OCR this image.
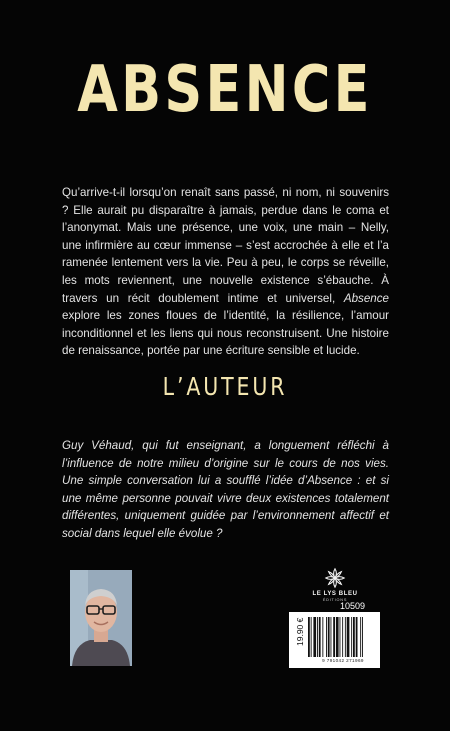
ABSENCE

Qu’arrive-t-il lorsqu’on renaît sans passé, ni nom, ni souvenirs ? Elle aurait pu disparaître à jamais, perdue dans le coma et l’anonymat. Mais une présence, une voix, une main – Nelly, une infirmière au cœur immense – s’est accrochée à elle et l’a ramenée lentement vers la vie. Peu à peu, le corps se réveille, les mots reviennent, une nouvelle existence s’ébauche. À travers un récit doublement intime et universel, Absence explore les zones floues de l’identité, la résilience, l’amour inconditionnel et les liens qui nous reconstruisent. Une histoire de renaissance, portée par une écriture sensible et lucide.

L’AUTEUR

Guy Véhaud, qui fut enseignant, a longuement réfléchi à l’influence de notre milieu d’origine sur le cours de nos vies. Une simple conversation lui a soufflé l’idée d’Absence : et si une même personne pouvait vivre deux existences totalement différentes, uniquement guidée par l’environnement affectif et social dans lequel elle évolue ?

LE LYS BLEU
ÉDITIONS
10509
19.90 €
9 791042 271969
